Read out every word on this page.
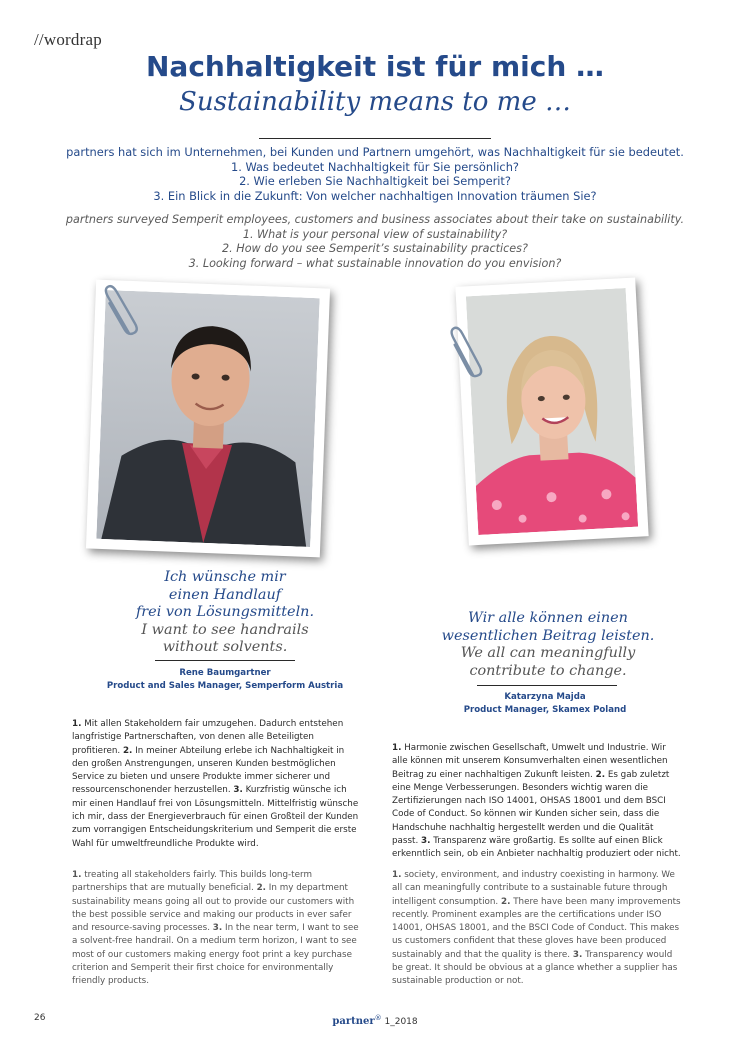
//wordrap
Nachhaltigkeit ist für mich …
Sustainability means to me …
partners hat sich im Unternehmen, bei Kunden und Partnern umgehört, was Nachhaltigkeit für sie bedeutet.
1. Was bedeutet Nachhaltigkeit für Sie persönlich?
2. Wie erleben Sie Nachhaltigkeit bei Semperit?
3. Ein Blick in die Zukunft: Von welcher nachhaltigen Innovation träumen Sie?
partners surveyed Semperit employees, customers and business associates about their take on sustainability.
1. What is your personal view of sustainability?
2. How do you see Semperit’s sustainability practices?
3. Looking forward – what sustainable innovation do you envision?
Ich wünsche mir
einen Handlauf
frei von Lösungsmitteln.
I want to see handrails
without solvents.
Rene Baumgartner
Product and Sales Manager, Semperform Austria
Wir alle können einen
wesentlichen Beitrag leisten.
We all can meaningfully
contribute to change.
Katarzyna Majda
Product Manager, Skamex Poland
1. Mit allen Stakeholdern fair umzugehen. Dadurch entstehen langfristige Partnerschaften, von denen alle Beteiligten profitieren. 2. In meiner Abteilung erlebe ich Nachhaltigkeit in den großen Anstrengungen, unseren Kunden bestmöglichen Service zu bieten und unsere Produkte immer sicherer und ressourcenschonender herzustellen. 3. Kurzfristig wünsche ich mir einen Handlauf frei von Lösungsmitteln. Mittelfristig wünsche ich mir, dass der Energieverbrauch für einen Großteil der Kunden zum vorrangigen Entscheidungskriterium und Semperit die erste Wahl für umweltfreundliche Produkte wird.
1. treating all stakeholders fairly. This builds long-term partnerships that are mutually beneficial. 2. In my department sustainability means going all out to provide our customers with the best possible service and making our products in ever safer and resource-saving processes. 3. In the near term, I want to see a solvent-free handrail. On a medium term horizon, I want to see most of our customers making energy foot print a key purchase criterion and Semperit their first choice for environmentally friendly products.
1. Harmonie zwischen Gesellschaft, Umwelt und Industrie. Wir alle können mit unserem Konsumverhalten einen wesentlichen Beitrag zu einer nachhaltigen Zukunft leisten. 2. Es gab zuletzt eine Menge Verbesserungen. Besonders wichtig waren die Zertifizierungen nach ISO 14001, OHSAS 18001 und dem BSCI Code of Conduct. So können wir Kunden sicher sein, dass die Handschuhe nachhaltig hergestellt werden und die Qualität passt. 3. Transparenz wäre großartig. Es sollte auf einen Blick erkenntlich sein, ob ein Anbieter nachhaltig produziert oder nicht.
1. society, environment, and industry coexisting in harmony. We all can meaningfully contribute to a sustainable future through intelligent consumption. 2. There have been many improvements recently. Prominent examples are the certifications under ISO 14001, OHSAS 18001, and the BSCI Code of Conduct. This makes us customers confident that these gloves have been produced sustainably and that the quality is there. 3. Transparency would be great. It should be obvious at a glance whether a supplier has sustainable production or not.
26	partner® 1_2018
